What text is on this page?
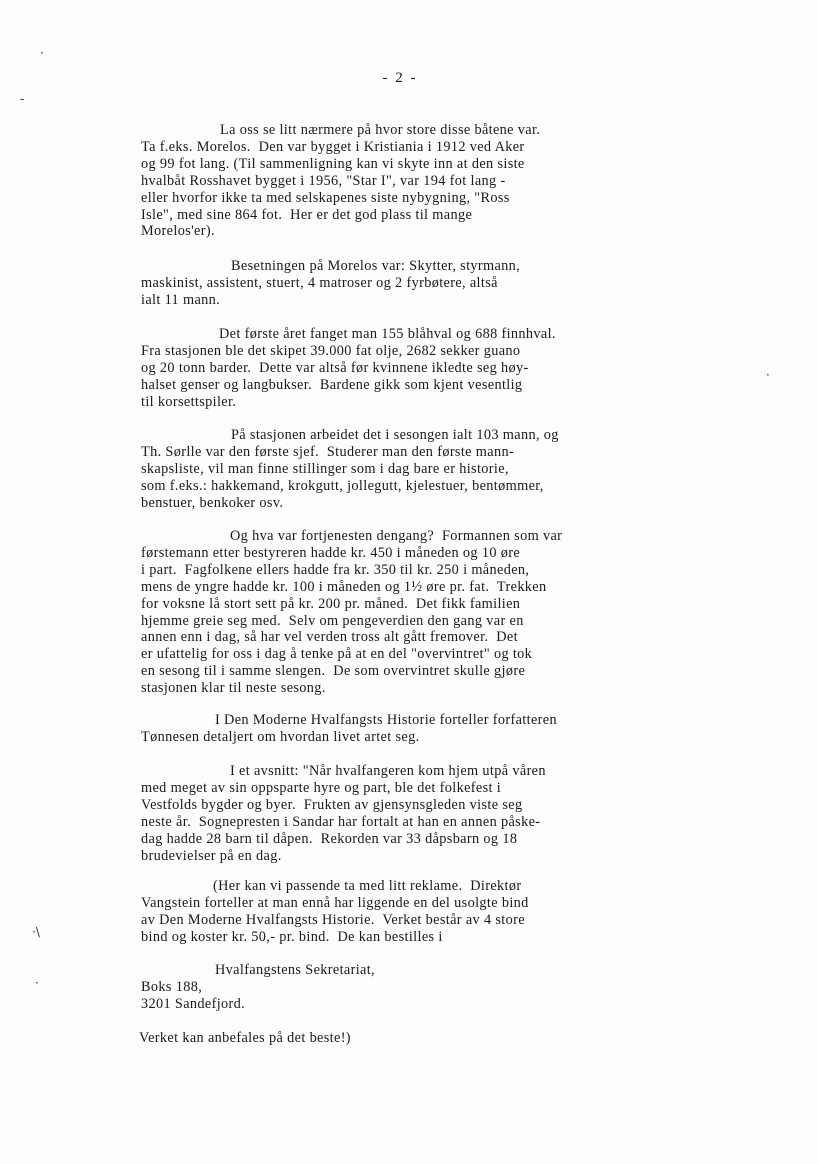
- 2 -
La oss se litt nærmere på hvor store disse båtene var.
Ta f.eks. Morelos.  Den var bygget i Kristiania i 1912 ved Aker
og 99 fot lang. (Til sammenligning kan vi skyte inn at den siste
hvalbåt Rosshavet bygget i 1956, "Star I", var 194 fot lang -
eller hvorfor ikke ta med selskapenes siste nybygning, "Ross
Isle", med sine 864 fot.  Her er det god plass til mange
Morelos'er).
Besetningen på Morelos var: Skytter, styrmann,
maskinist, assistent, stuert, 4 matroser og 2 fyrbøtere, altså
ialt 11 mann.
Det første året fanget man 155 blåhval og 688 finnhval.
Fra stasjonen ble det skipet 39.000 fat olje, 2682 sekker guano
og 20 tonn barder.  Dette var altså før kvinnene ikledte seg høy-
halset genser og langbukser.  Bardene gikk som kjent vesentlig
til korsettspiler.
På stasjonen arbeidet det i sesongen ialt 103 mann, og
Th. Sørlle var den første sjef.  Studerer man den første mann-
skapsliste, vil man finne stillinger som i dag bare er historie,
som f.eks.: hakkemand, krokgutt, jollegutt, kjelestuer, bentømmer,
benstuer, benkoker osv.
Og hva var fortjenesten dengang?  Formannen som var
førstemann etter bestyreren hadde kr. 450 i måneden og 10 øre
i part.  Fagfolkene ellers hadde fra kr. 350 til kr. 250 i måneden,
mens de yngre hadde kr. 100 i måneden og 1½ øre pr. fat.  Trekken
for voksne lå stort sett på kr. 200 pr. måned.  Det fikk familien
hjemme greie seg med.  Selv om pengeverdien den gang var en
annen enn i dag, så har vel verden tross alt gått fremover.  Det
er ufattelig for oss i dag å tenke på at en del "overvintret" og tok
en sesong til i samme slengen.  De som overvintret skulle gjøre
stasjonen klar til neste sesong.
I Den Moderne Hvalfangsts Historie forteller forfatteren
Tønnesen detaljert om hvordan livet artet seg.
I et avsnitt: "Når hvalfangeren kom hjem utpå våren
med meget av sin oppsparte hyre og part, ble det folkefest i
Vestfolds bygder og byer.  Frukten av gjensynsgleden viste seg
neste år.  Sognepresten i Sandar har fortalt at han en annen påske-
dag hadde 28 barn til dåpen.  Rekorden var 33 dåpsbarn og 18
brudevielser på en dag.
(Her kan vi passende ta med litt reklame.  Direktør
Vangstein forteller at man ennå har liggende en del usolgte bind
av Den Moderne Hvalfangsts Historie.  Verket består av 4 store
bind og koster kr. 50,- pr. bind.  De kan bestilles i
Hvalfangstens Sekretariat,
Boks 188,
3201 Sandefjord.
Verket kan anbefales på det beste!)
·
-
·\
·
·
